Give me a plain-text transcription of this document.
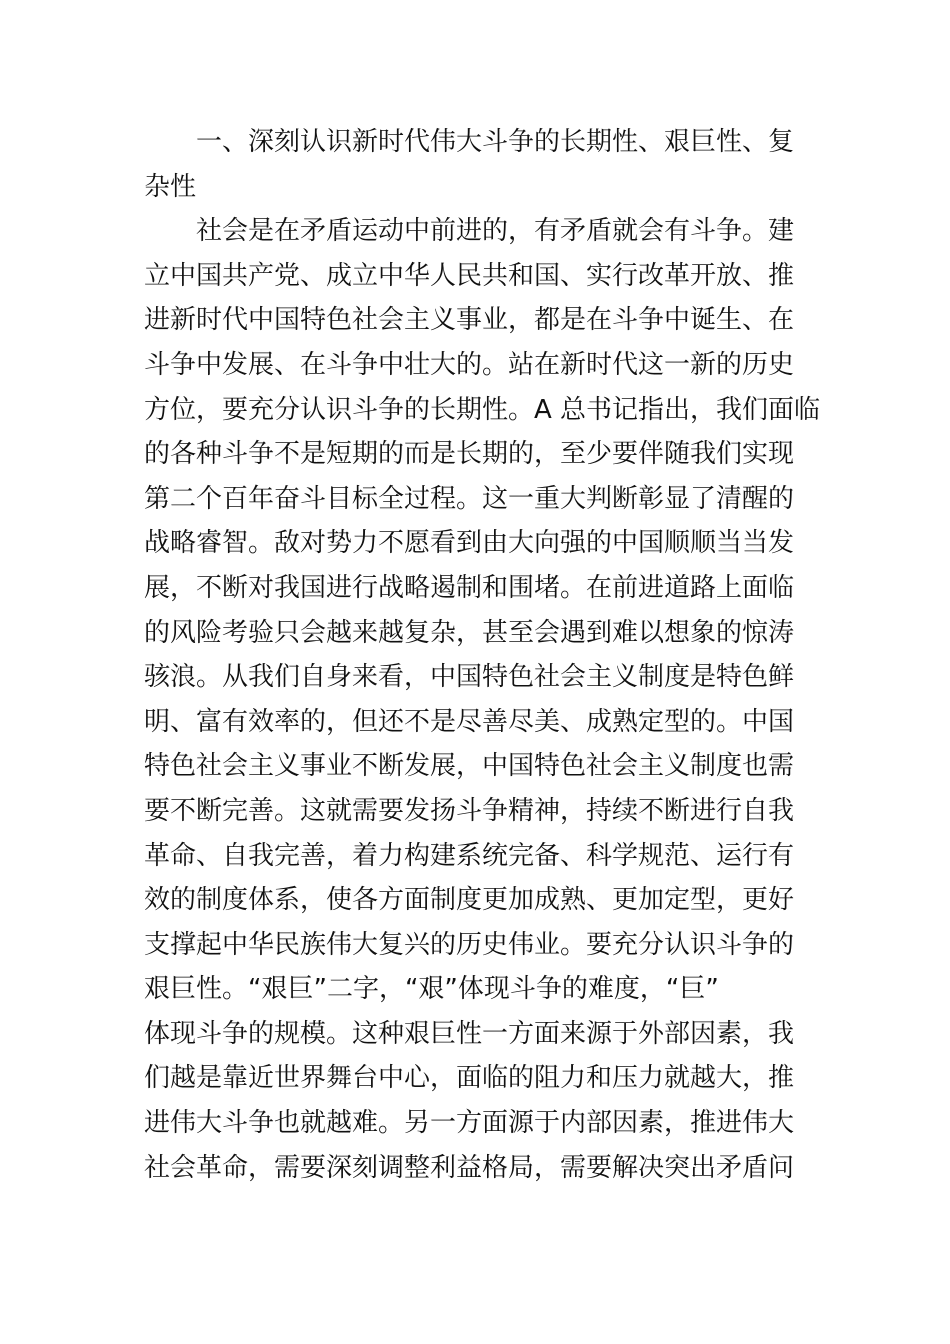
一、深刻认识新时代伟大斗争的长期性、艰巨性、复
杂性
社会是在矛盾运动中前进的，有矛盾就会有斗争。建
立中国共产党、成立中华人民共和国、实行改革开放、推
进新时代中国特色社会主义事业，都是在斗争中诞生、在
斗争中发展、在斗争中壮大的。站在新时代这一新的历史
方位，要充分认识斗争的长期性。A 总书记指出，我们面临
的各种斗争不是短期的而是长期的，至少要伴随我们实现
第二个百年奋斗目标全过程。这一重大判断彰显了清醒的
战略睿智。敌对势力不愿看到由大向强的中国顺顺当当发
展，不断对我国进行战略遏制和围堵。在前进道路上面临
的风险考验只会越来越复杂，甚至会遇到难以想象的惊涛
骇浪。从我们自身来看，中国特色社会主义制度是特色鲜
明、富有效率的，但还不是尽善尽美、成熟定型的。中国
特色社会主义事业不断发展，中国特色社会主义制度也需
要不断完善。这就需要发扬斗争精神，持续不断进行自我
革命、自我完善，着力构建系统完备、科学规范、运行有
效的制度体系，使各方面制度更加成熟、更加定型，更好
支撑起中华民族伟大复兴的历史伟业。要充分认识斗争的
艰巨性。“艰巨”二字，“艰”体现斗争的难度，“巨”
体现斗争的规模。这种艰巨性一方面来源于外部因素，我
们越是靠近世界舞台中心，面临的阻力和压力就越大，推
进伟大斗争也就越难。另一方面源于内部因素，推进伟大
社会革命，需要深刻调整利益格局，需要解决突出矛盾问
